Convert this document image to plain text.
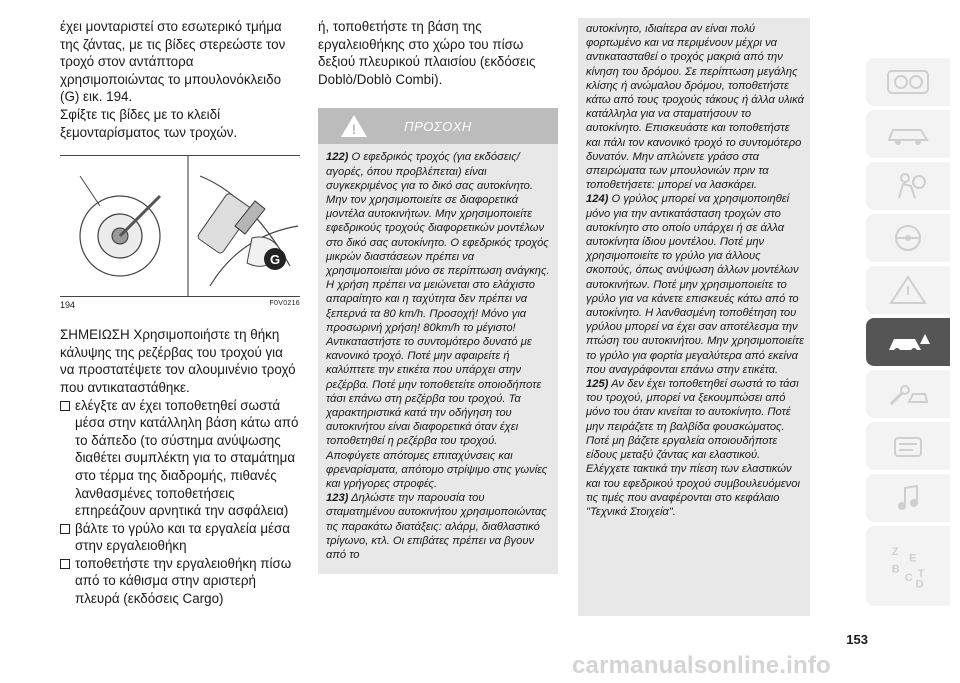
έχει μονταριστεί στο εσωτερικό τμήμα της ζάντας, με τις βίδες στερεώστε τον τροχό στον αντάπτορα χρησιμοποιώντας το μπουλονόκλειδο (G) εικ. 194.

Σφίξτε τις βίδες με το κλειδί ξεμονταρίσματος των τροχών.

G
194	F0V0216

ΣΗΜΕΙΩΣΗ Χρησιμοποιήστε τη θήκη κάλυψης της ρεζέρβας του τροχού για να προστατέψετε τον αλουμινένιο τροχό που αντικαταστάθηκε.

ελέγξτε αν έχει τοποθετηθεί σωστά μέσα στην κατάλληλη βάση κάτω από το δάπεδο (το σύστημα ανύψωσης διαθέτει συμπλέκτη για το σταμάτημα στο τέρμα της διαδρομής, πιθανές λανθασμένες τοποθετήσεις επηρεάζουν αρνητικά την ασφάλεια)

βάλτε το γρύλο και τα εργαλεία μέσα στην εργαλειοθήκη

τοποθετήστε την εργαλειοθήκη πίσω από το κάθισμα στην αριστερή πλευρά (εκδόσεις Cargo)

ή, τοποθετήστε τη βάση της εργαλειοθήκης στο χώρο του πίσω δεξιού πλευρικού πλαισίου (εκδόσεις Doblò/Doblò Combi).

!	ΠΡΟΣΟΧΗ

122) Ο εφεδρικός τροχός (για εκδόσεις/αγορές, όπου προβλέπεται) είναι συγκεκριμένος για το δικό σας αυτοκίνητο. Μην τον χρησιμοποιείτε σε διαφορετικά μοντέλα αυτοκινήτων. Μην χρησιμοποιείτε εφεδρικούς τροχούς διαφορετικών μοντέλων στο δικό σας αυτοκίνητο. Ο εφεδρικός τροχός μικρών διαστάσεων πρέπει να χρησιμοποιείται μόνο σε περίπτωση ανάγκης. Η χρήση πρέπει να μειώνεται στο ελάχιστο απαραίτητο και η ταχύτητα δεν πρέπει να ξεπερνά τα 80 km/h. Προσοχή! Μόνο για προσωρινή χρήση! 80km/h το μέγιστο! Αντικαταστήστε το συντομότερο δυνατό με κανονικό τροχό. Ποτέ μην αφαιρείτε ή καλύπτετε την ετικέτα που υπάρχει στην ρεζέρβα. Ποτέ μην τοποθετείτε οποιοδήποτε τάσι επάνω στη ρεζέρβα του τροχού. Τα χαρακτηριστικά κατά την οδήγηση του αυτοκινήτου είναι διαφορετικά όταν έχει τοποθετηθεί η ρεζέρβα του τροχού. Αποφύγετε απότομες επιταχύνσεις και φρεναρίσματα, απότομο στρίψιμο στις γωνίες και γρήγορες στροφές.

123) Δηλώστε την παρουσία του σταματημένου αυτοκινήτου χρησιμοποιώντας τις παρακάτω διατάξεις: αλάρμ, διαθλαστικό τρίγωνο, κτλ. Οι επιβάτες πρέπει να βγουν από το

αυτοκίνητο, ιδιαίτερα αν είναι πολύ φορτωμένο και να περιμένουν μέχρι να αντικατασταθεί ο τροχός μακριά από την κίνηση του δρόμου. Σε περίπτωση μεγάλης κλίσης ή ανώμαλου δρόμου, τοποθετήστε κάτω από τους τροχούς τάκους ή άλλα υλικά κατάλληλα για να σταματήσουν το αυτοκίνητο. Επισκευάστε και τοποθετήστε και πάλι τον κανονικό τροχό το συντομότερο δυνατόν. Μην απλώνετε γράσο στα σπειρώματα των μπουλονιών πριν τα τοποθετήσετε: μπορεί να λασκάρει.

124) Ο γρύλος μπορεί να χρησιμοποιηθεί μόνο για την αντικατάσταση τροχών στο αυτοκίνητο στο οποίο υπάρχει ή σε άλλα αυτοκίνητα ίδιου μοντέλου. Ποτέ μην χρησιμοποιείτε το γρύλο για άλλους σκοπούς, όπως ανύψωση άλλων μοντέλων αυτοκινήτων. Ποτέ μην χρησιμοποιείτε το γρύλο για να κάνετε επισκευές κάτω από το αυτοκίνητο. Η λανθασμένη τοποθέτηση του γρύλου μπορεί να έχει σαν αποτέλεσμα την πτώση του αυτοκινήτου. Μην χρησιμοποιείτε το γρύλο για φορτία μεγαλύτερα από εκείνα που αναγράφονται επάνω στην ετικέτα.

125) Αν δεν έχει τοποθετηθεί σωστά το τάσι του τροχού, μπορεί να ξεκουμπώσει από μόνο του όταν κινείται το αυτοκίνητο. Ποτέ μην πειράζετε τη βαλβίδα φουσκώματος. Ποτέ μη βάζετε εργαλεία οποιουδήποτε είδους μεταξύ ζάντας και ελαστικού. Ελέγχετε τακτικά την πίεση των ελαστικών και του εφεδρικού τροχού συμβουλευόμενοι τις τιμές που αναφέρονται στο κεφάλαιο "Τεχνικά Στοιχεία".

153
Z
E
B
C T
D
carmanualsonline.info
